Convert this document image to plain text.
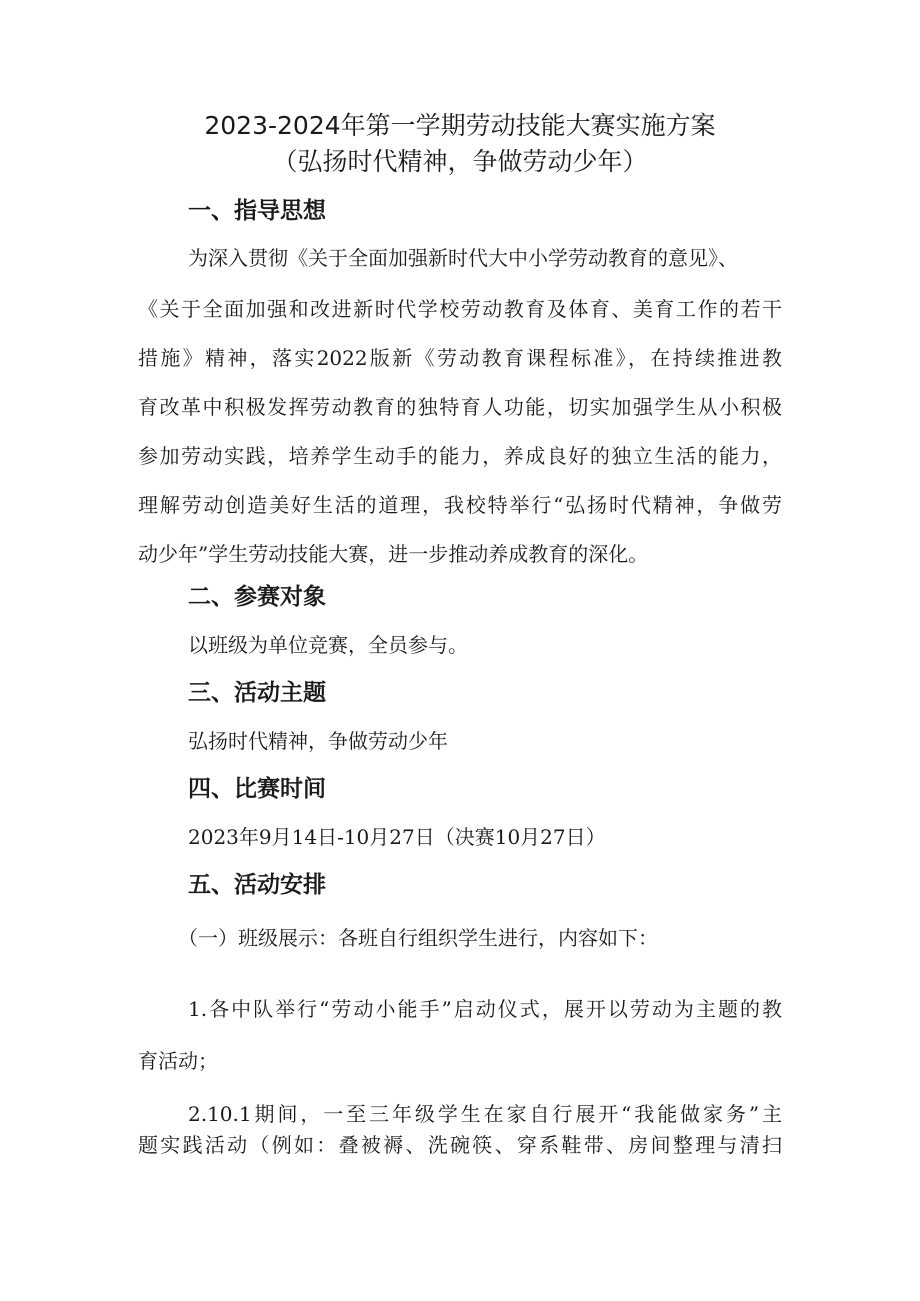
2023-2024年第一学期劳动技能大赛实施方案
（弘扬时代精神，争做劳动少年）
一、指导思想
为深入贯彻《关于全面加强新时代大中小学劳动教育的意见》、
《关于全面加强和改进新时代学校劳动教育及体育、美育工作的若干
措施》精神，落实2022版新《劳动教育课程标准》，在持续推进教
育改革中积极发挥劳动教育的独特育人功能，切实加强学生从小积极
参加劳动实践，培养学生动手的能力，养成良好的独立生活的能力，
理解劳动创造美好生活的道理，我校特举行“弘扬时代精神，争做劳
动少年”学生劳动技能大赛，进一步推动养成教育的深化。
二、参赛对象
以班级为单位竞赛，全员参与。
三、活动主题
弘扬时代精神，争做劳动少年
四、比赛时间
2023年9月14日-10月27日（决赛10月27日）
五、活动安排
（一）班级展示：各班自行组织学生进行，内容如下：
1.各中队举行“劳动小能手”启动仪式，展开以劳动为主题的教
育活动；
2.10.1期间，一至三年级学生在家自行展开“我能做家务”主
题实践活动（例如：叠被褥、洗碗筷、穿系鞋带、房间整理与清扫
